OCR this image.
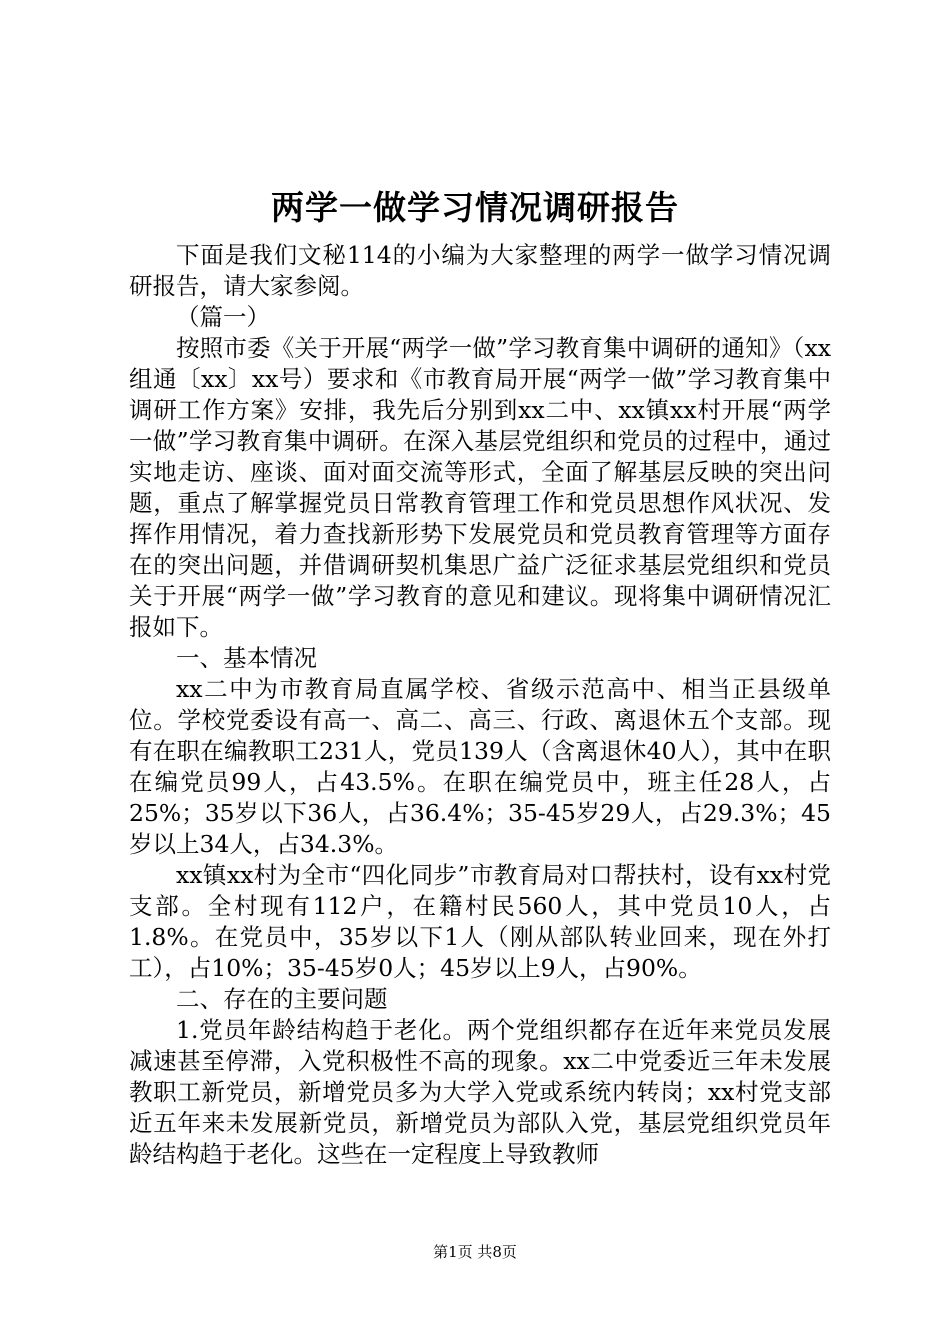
两学一做学习情况调研报告

下面是我们文秘114的小编为大家整理的两学一做学习情况调研报告，请大家参阅。

（篇一）

按照市委《关于开展“两学一做”学习教育集中调研的通知》（xx组通〔xx〕xx号）要求和《市教育局开展“两学一做”学习教育集中调研工作方案》安排，我先后分别到xx二中、xx镇xx村开展“两学一做”学习教育集中调研。在深入基层党组织和党员的过程中，通过实地走访、座谈、面对面交流等形式，全面了解基层反映的突出问题，重点了解掌握党员日常教育管理工作和党员思想作风状况、发挥作用情况，着力查找新形势下发展党员和党员教育管理等方面存在的突出问题，并借调研契机集思广益广泛征求基层党组织和党员关于开展“两学一做”学习教育的意见和建议。现将集中调研情况汇报如下。

一、基本情况

xx二中为市教育局直属学校、省级示范高中、相当正县级单位。学校党委设有高一、高二、高三、行政、离退休五个支部。现有在职在编教职工231人，党员139人（含离退休40人），其中在职在编党员99人，占43.5%。在职在编党员中，班主任28人，占25%；35岁以下36人，占36.4%；35-45岁29人，占29.3%；45岁以上34人，占34.3%。

xx镇xx村为全市“四化同步”市教育局对口帮扶村，设有xx村党支部。全村现有112户，在籍村民560人，其中党员10人，占1.8%。在党员中，35岁以下1人（刚从部队转业回来，现在外打工），占10%；35-45岁0人；45岁以上9人，占90%。

二、存在的主要问题

1.党员年龄结构趋于老化。两个党组织都存在近年来党员发展减速甚至停滞，入党积极性不高的现象。xx二中党委近三年未发展教职工新党员，新增党员多为大学入党或系统内转岗；xx村党支部近五年来未发展新党员，新增党员为部队入党，基层党组织党员年龄结构趋于老化。这些在一定程度上导致教师

第1页 共8页
